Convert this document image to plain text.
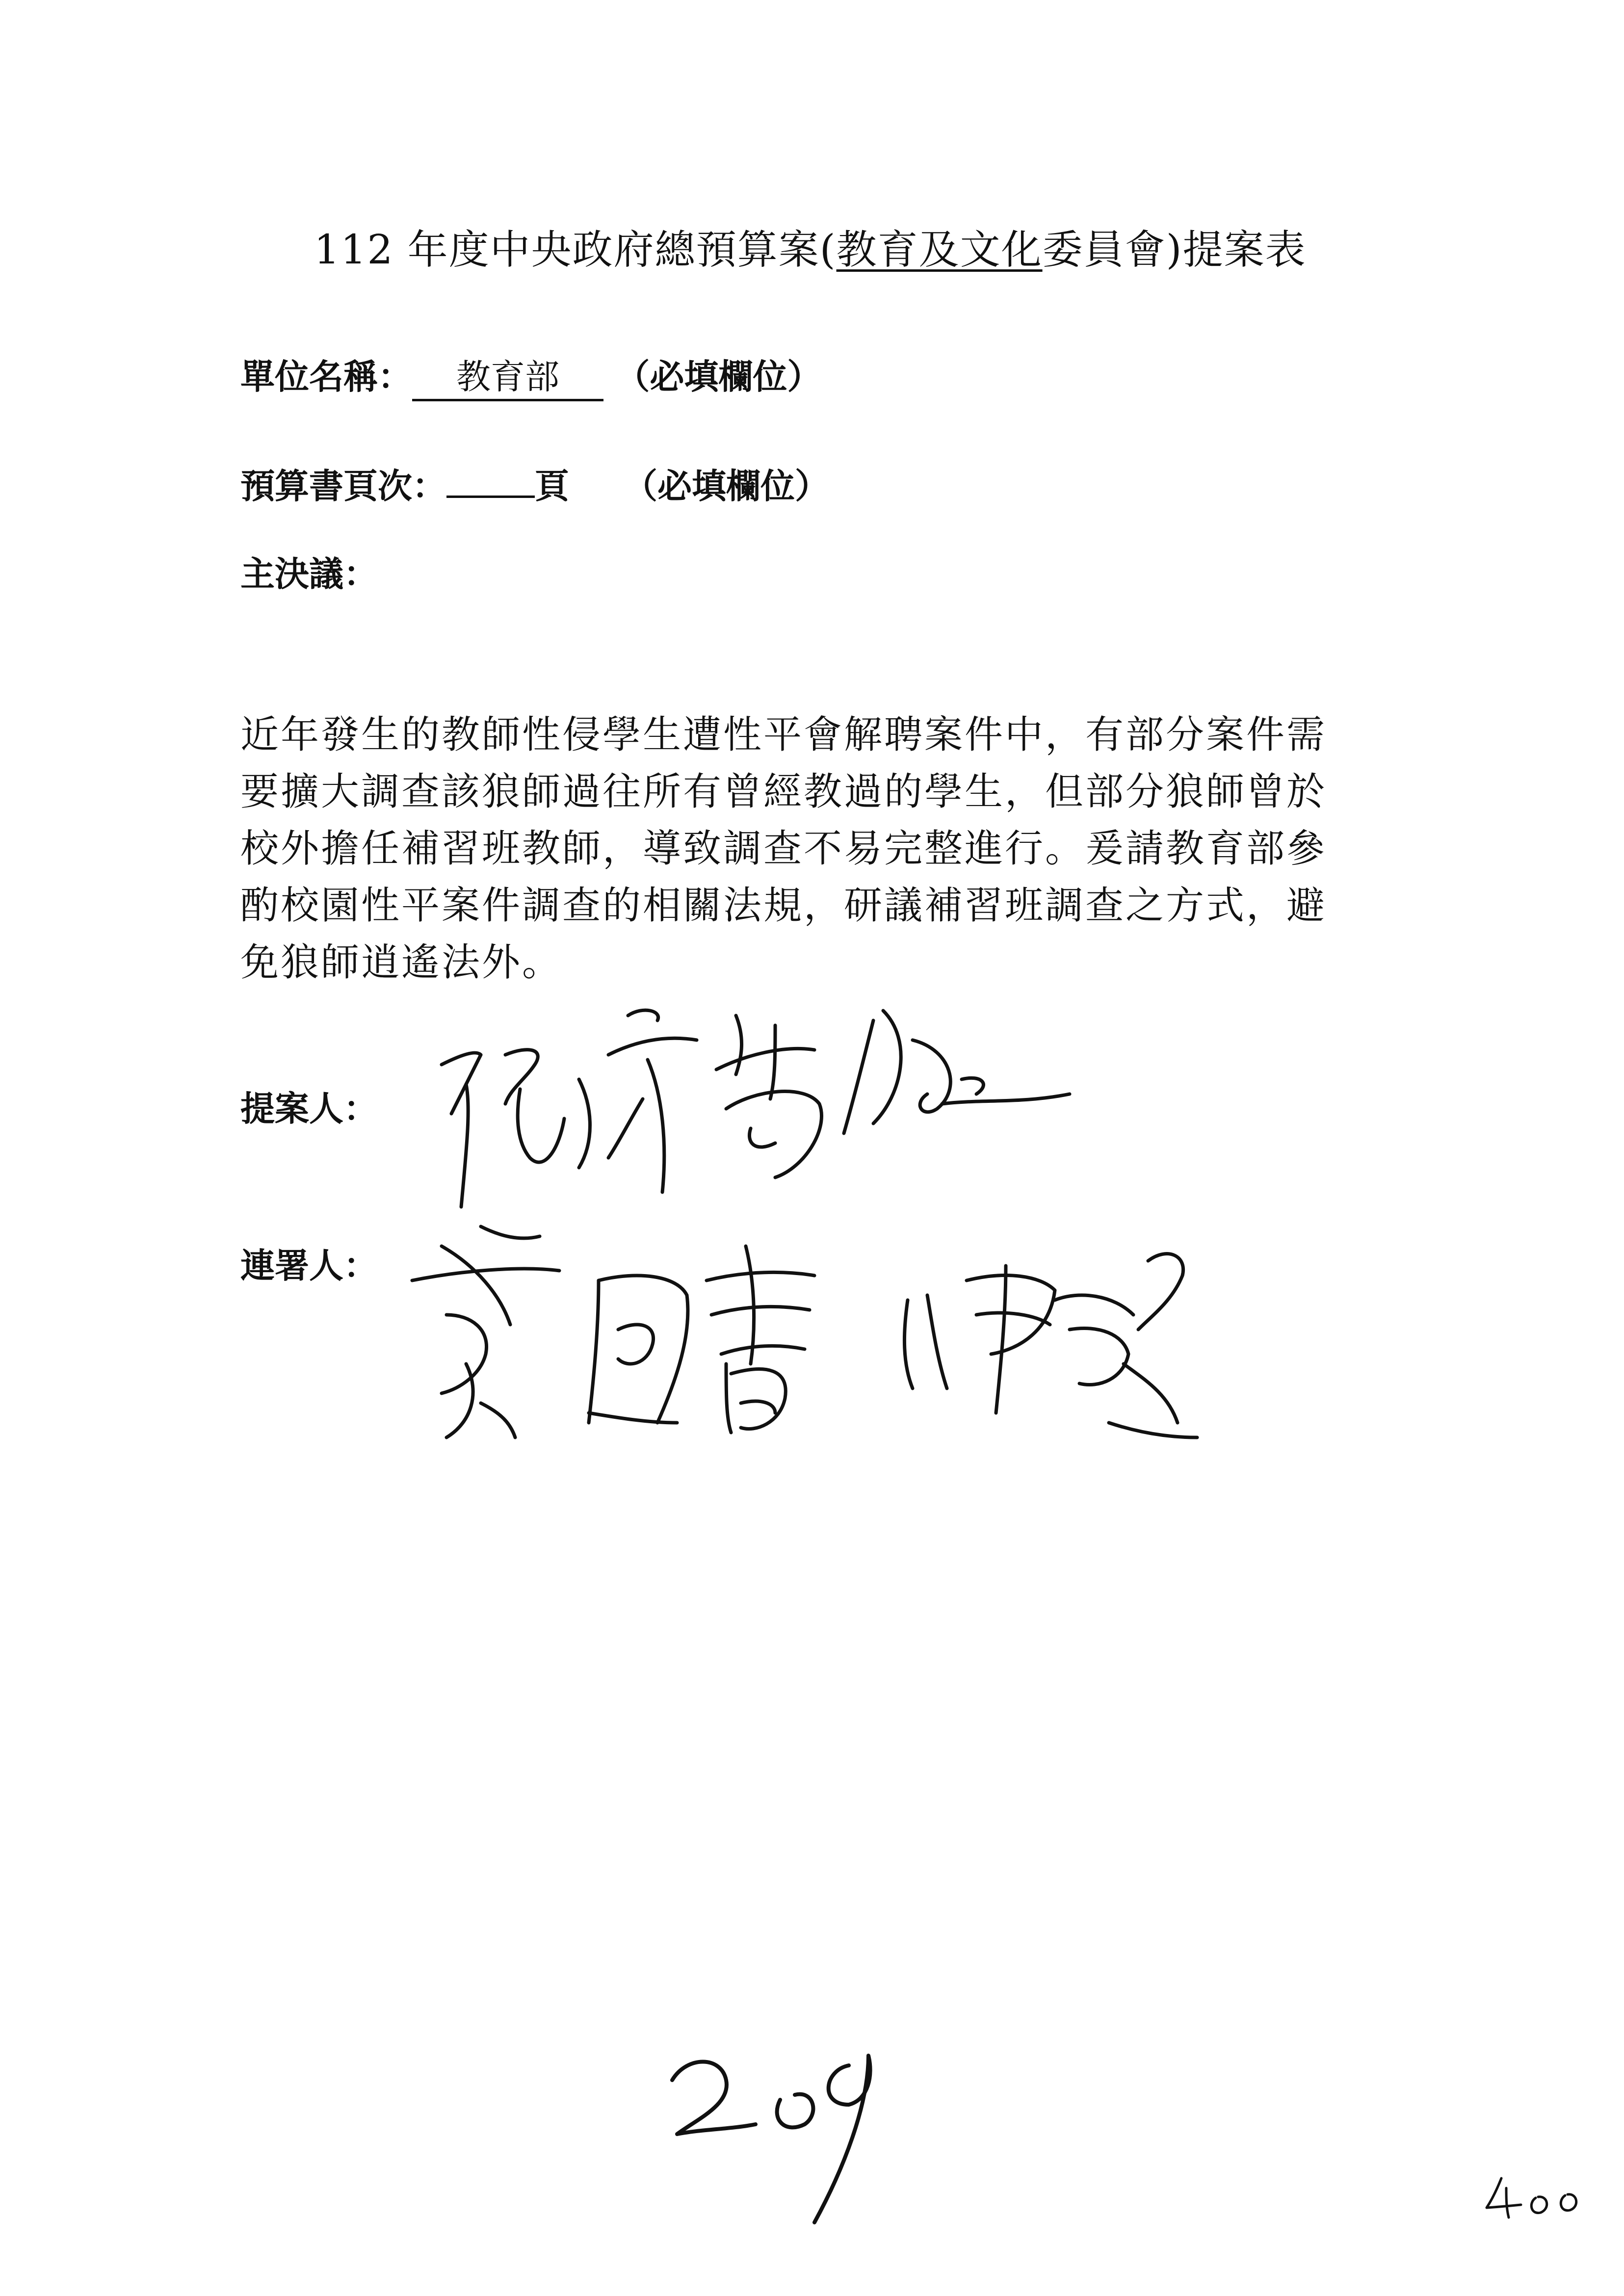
112 年度中央政府總預算案(教育及文化委員會)提案表
單位名稱： 教育部 （必填欄位）
預算書頁次：	頁 （必填欄位）
主決議：
近年發生的教師性侵學生遭性平會解聘案件中，有部分案件需
要擴大調查該狼師過往所有曾經教過的學生，但部分狼師曾於
校外擔任補習班教師，導致調查不易完整進行。爰請教育部參
酌校園性平案件調查的相關法規，研議補習班調查之方式，避
免狼師逍遙法外。
提案人：
連署人：
209
400
